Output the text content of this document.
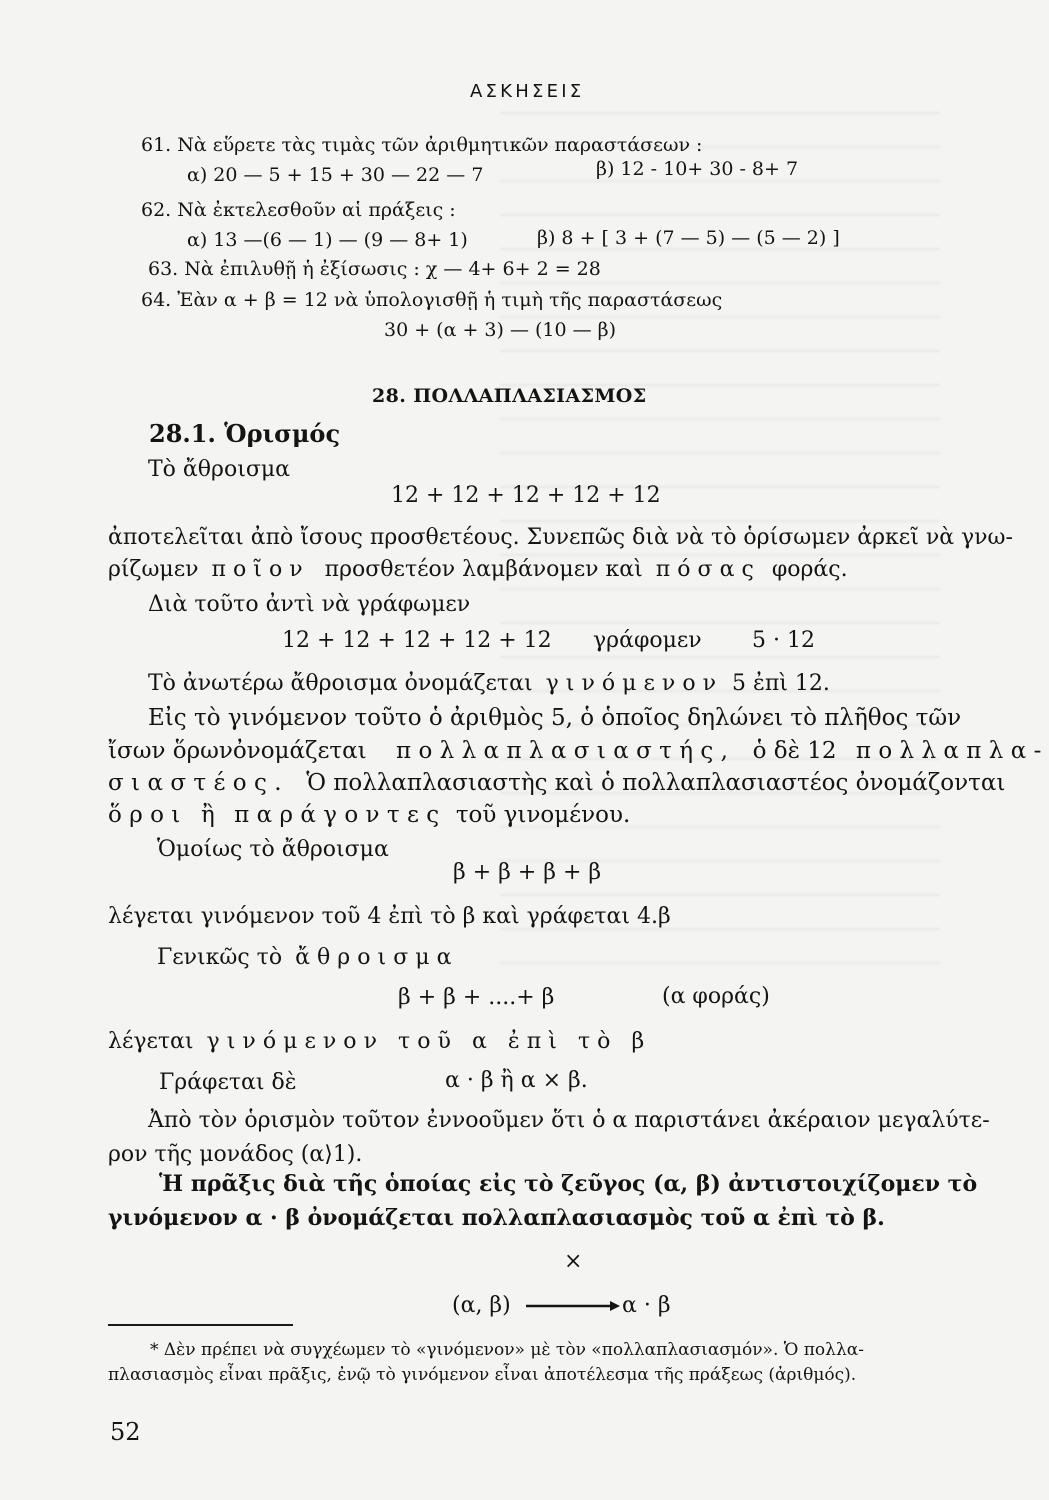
ΑΣΚΗΣΕΙΣ
61. Νὰ εὕρετε τὰς τιμὰς τῶν ἀριθμητικῶν παραστάσεων :
α) 20 — 5 + 15 + 30 — 22 — 7	β) 12 - 10+ 30 - 8+ 7
62. Νὰ ἐκτελεσθοῦν αἱ πράξεις :
α) 13 —(6 — 1) — (9 — 8+ 1)	β) 8 + [ 3 + (7 — 5) — (5 — 2) ]
63. Νὰ ἐπιλυθῇ ἡ ἐξίσωσις : χ — 4+ 6+ 2 = 28
64. Ἐὰν α + β = 12 νὰ ὑπολογισθῇ ἡ τιμὴ τῆς παραστάσεως
30 + (α + 3) — (10 — β)
28. ΠΟΛΛΑΠΛΑΣΙΑΣΜΟΣ
28.1. Ὁρισμός
Τὸ ἄθροισμα
12 + 12 + 12 + 12 + 12
ἀποτελεῖται ἀπὸ ἴσους προσθετέους. Συνεπῶς διὰ νὰ τὸ ὁρίσωμεν ἀρκεῖ νὰ γνω-
ρίζωμεν ποῖον προσθετέον λαμβάνομεν καὶ πόσας φοράς.
Διὰ τοῦτο ἀντὶ νὰ γράφωμεν
12 + 12 + 12 + 12 + 12 γράφομεν 5 · 12
Τὸ ἀνωτέρω ἄθροισμα ὀνομάζεται γινόμενον 5 ἐπὶ 12.
Εἰς τὸ γινόμενον τοῦτο ὁ ἀριθμὸς 5, ὁ ὁποῖος δηλώνει τὸ πλῆθος τῶν
ἴσων ὅρωνὀνομάζεται πολλαπλασιαστής, ὁ δὲ 12 πολλαπλα-
σιαστέος. Ὁ πολλαπλασιαστὴς καὶ ὁ πολλαπλασιαστέος ὀνομάζονται
ὅροι ἢ παράγοντες τοῦ γινομένου.
Ὁμοίως τὸ ἄθροισμα
β + β + β + β
λέγεται γινόμενον τοῦ 4 ἐπὶ τὸ β καὶ γράφεται 4.β
Γενικῶς τὸ ἄθροισμα
β + β + ....+ β	(α φοράς)
λέγεται γινόμενον τοῦ α ἐπὶ τὸ β
Γράφεται δὲ	α · β ἢ α × β.
Ἀπὸ τὸν ὁρισμὸν τοῦτον ἐννοοῦμεν ὅτι ὁ α παριστάνει ἀκέραιον μεγαλύτε-
ρον τῆς μονάδος (α⟩1).
Ἡ πρᾶξις διὰ τῆς ὁποίας εἰς τὸ ζεῦγος (α, β) ἀντιστοιχίζομεν τὸ
γινόμενον α · β ὀνομάζεται πολλαπλασιασμὸς τοῦ α ἐπὶ τὸ β.
×
(α, β)	α · β
* Δὲν πρέπει νὰ συγχέωμεν τὸ «γινόμενον» μὲ τὸν «πολλαπλασιασμόν». Ὁ πολλα-
πλασιασμὸς εἶναι πρᾶξις, ἐνῷ τὸ γινόμενον εἶναι ἀποτέλεσμα τῆς πράξεως (ἀριθμός).
52
